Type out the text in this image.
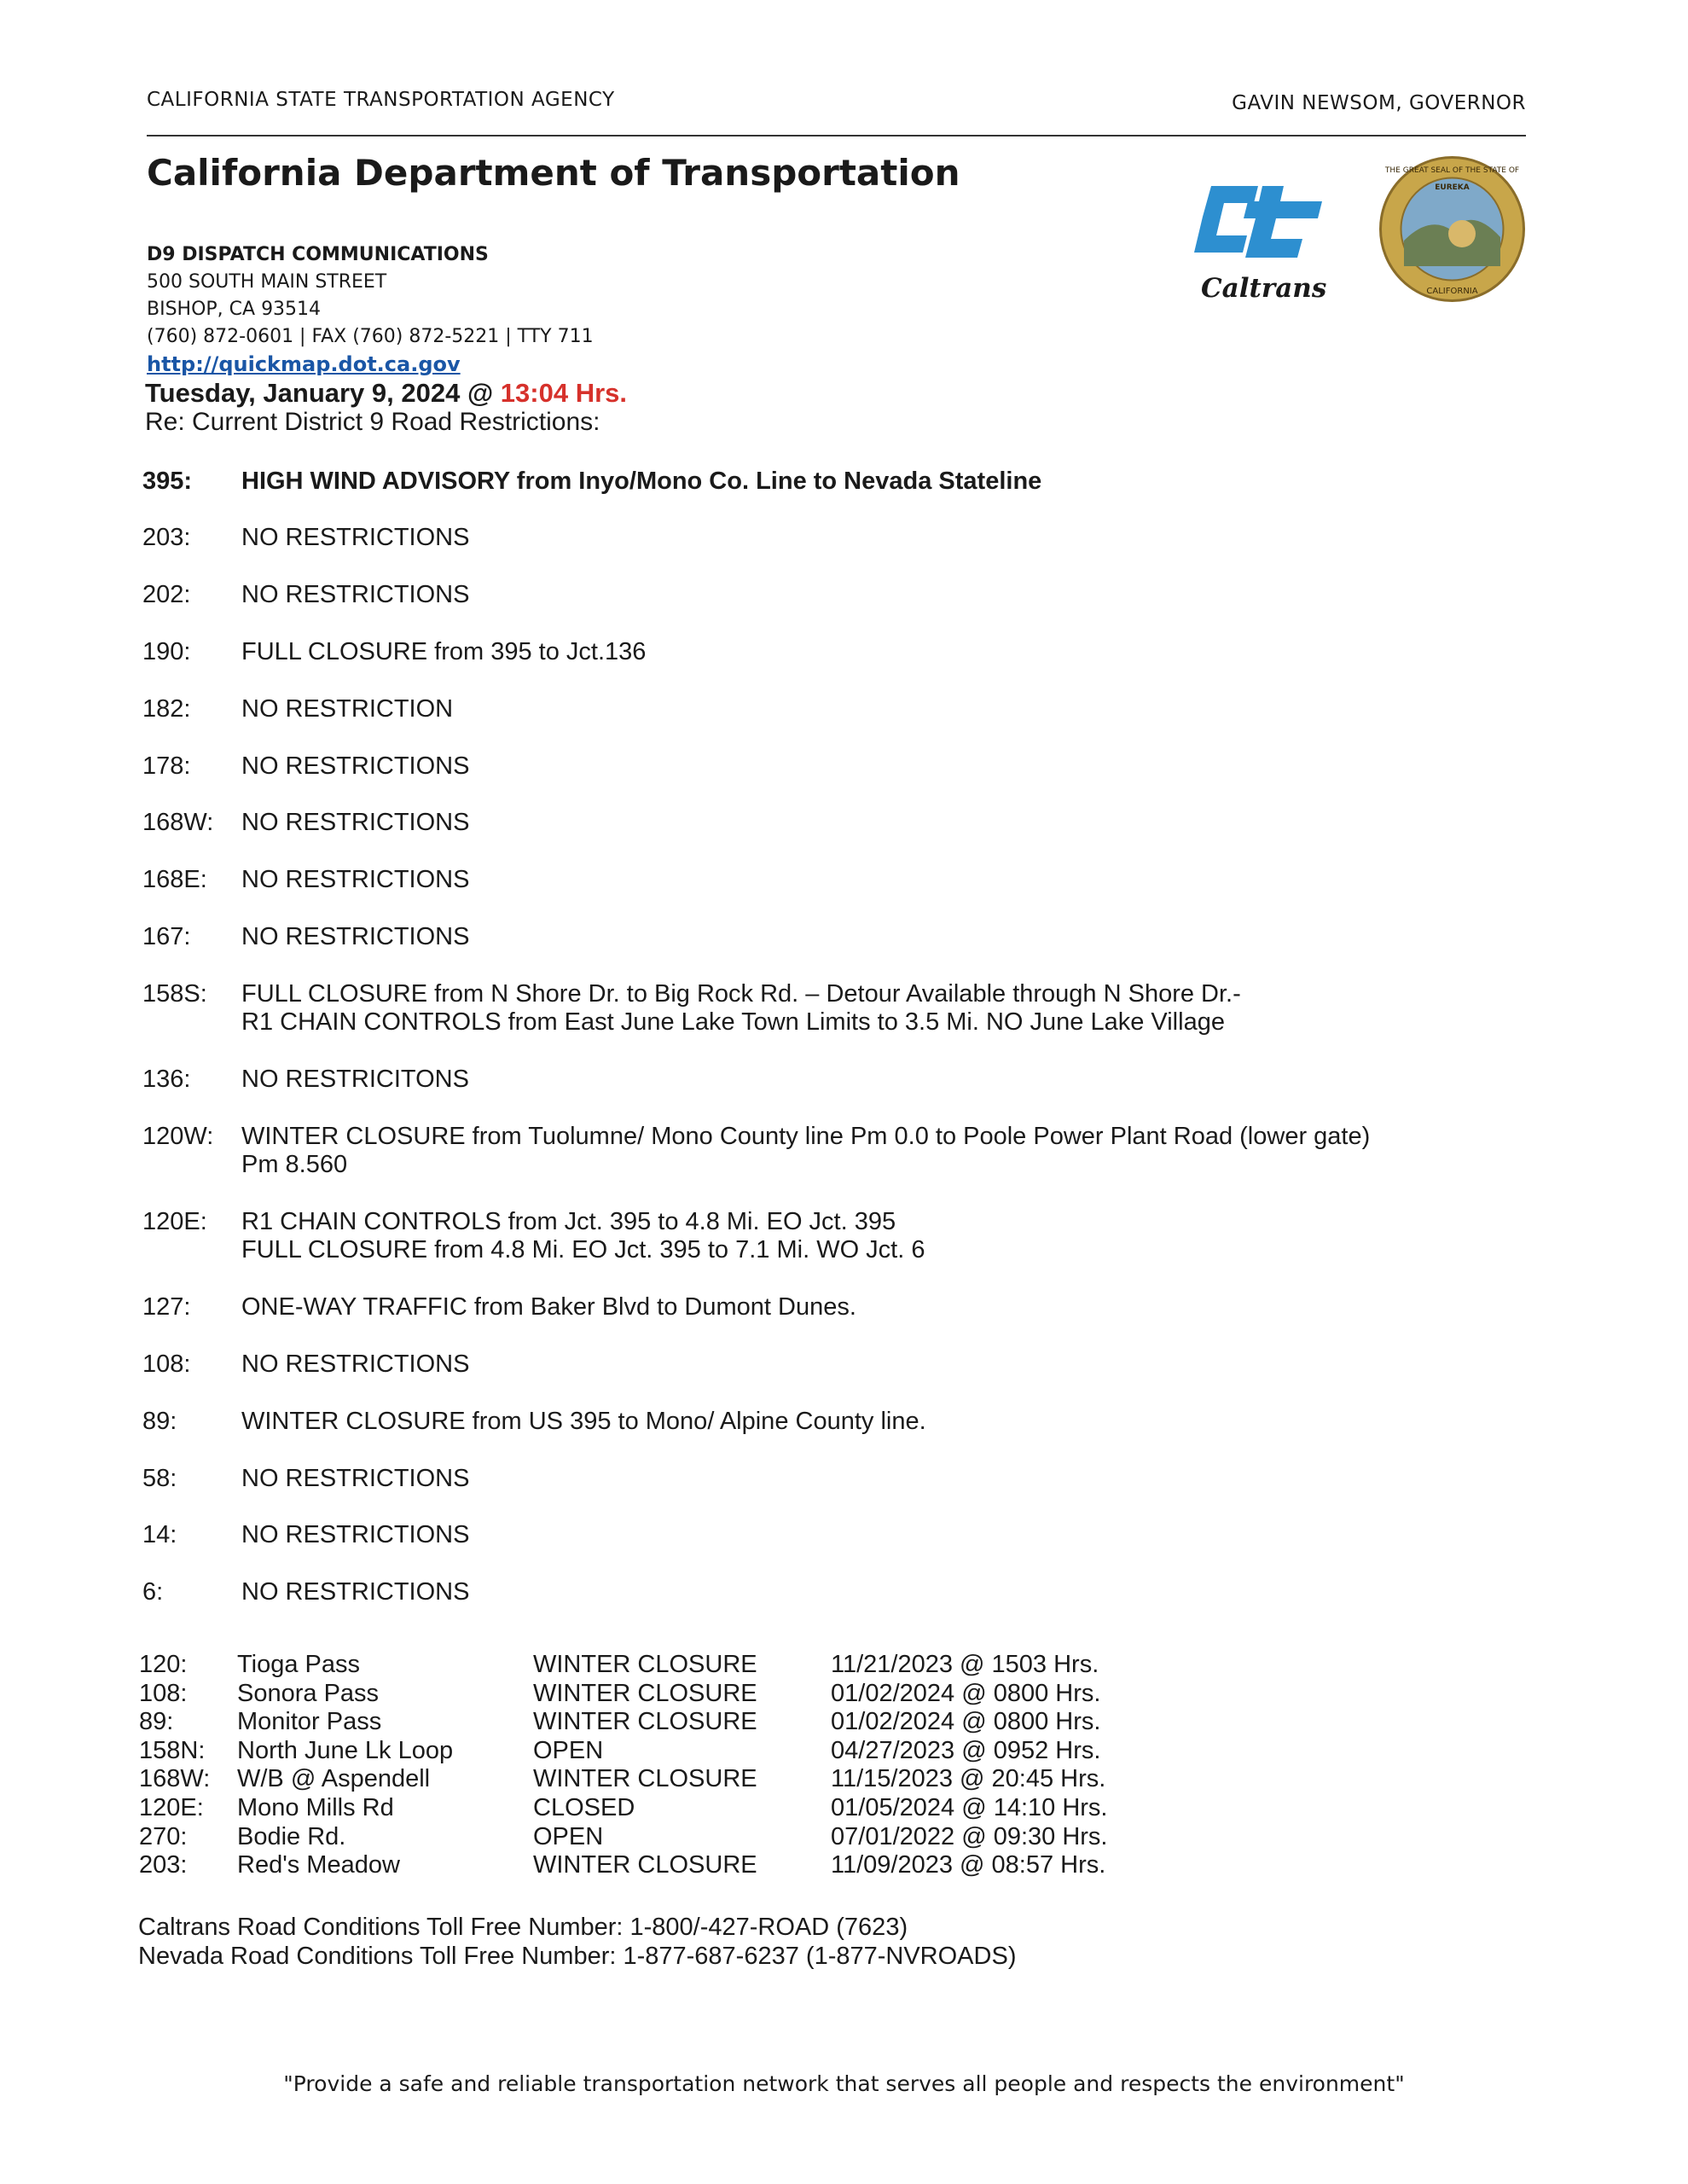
CALIFORNIA STATE TRANSPORTATION AGENCY	GAVIN NEWSOM, GOVERNOR
California Department of Transportation
Caltrans
THE GREAT SEAL OF THE STATE OF
EUREKA
CALIFORNIA
D9 DISPATCH COMMUNICATIONS
500 SOUTH MAIN STREET
BISHOP, CA 93514
(760) 872-0601 | FAX (760) 872-5221 | TTY 711
http://quickmap.dot.ca.gov
Tuesday, January 9, 2024 @ 13:04 Hrs.
Re: Current District 9 Road Restrictions:
395:	HIGH WIND ADVISORY from Inyo/Mono Co. Line to Nevada Stateline
203:	NO RESTRICTIONS
202:	NO RESTRICTIONS
190:	FULL CLOSURE from 395 to Jct.136
182:	NO RESTRICTION
178:	NO RESTRICTIONS
168W:	NO RESTRICTIONS
168E:	NO RESTRICTIONS
167:	NO RESTRICTIONS
158S:	FULL CLOSURE from N Shore Dr. to Big Rock Rd. – Detour Available through N Shore Dr.-
R1 CHAIN CONTROLS from East June Lake Town Limits to 3.5 Mi. NO June Lake Village
136:	NO RESTRICITONS
120W:	WINTER CLOSURE from Tuolumne/ Mono County line Pm 0.0 to Poole Power Plant Road (lower gate)
Pm 8.560
120E:	R1 CHAIN CONTROLS from Jct. 395 to 4.8 Mi. EO Jct. 395
FULL CLOSURE from 4.8 Mi. EO Jct. 395 to 7.1 Mi. WO Jct. 6
127:	ONE-WAY TRAFFIC from Baker Blvd to Dumont Dunes.
108:	NO RESTRICTIONS
89:	WINTER CLOSURE from US 395 to Mono/ Alpine County line.
58:	NO RESTRICTIONS
14:	NO RESTRICTIONS
6:	NO RESTRICTIONS
120: Tioga Pass	WINTER CLOSURE	11/21/2023 @ 1503 Hrs.
108: Sonora Pass	WINTER CLOSURE	01/02/2024 @ 0800 Hrs.
89:	Monitor Pass	WINTER CLOSURE	01/02/2024 @ 0800 Hrs.
158N: North June Lk Loop	OPEN	04/27/2023 @ 0952 Hrs.
168W: W/B @ Aspendell	WINTER CLOSURE	11/15/2023 @ 20:45 Hrs.
120E: Mono Mills Rd	CLOSED	01/05/2024 @ 14:10 Hrs.
270: Bodie Rd.	OPEN	07/01/2022 @ 09:30 Hrs.
203: Red's Meadow	WINTER CLOSURE	11/09/2023 @ 08:57 Hrs.
Caltrans Road Conditions Toll Free Number: 1-800/-427-ROAD (7623)
Nevada Road Conditions Toll Free Number: 1-877-687-6237 (1-877-NVROADS)
"Provide a safe and reliable transportation network that serves all people and respects the environment"
